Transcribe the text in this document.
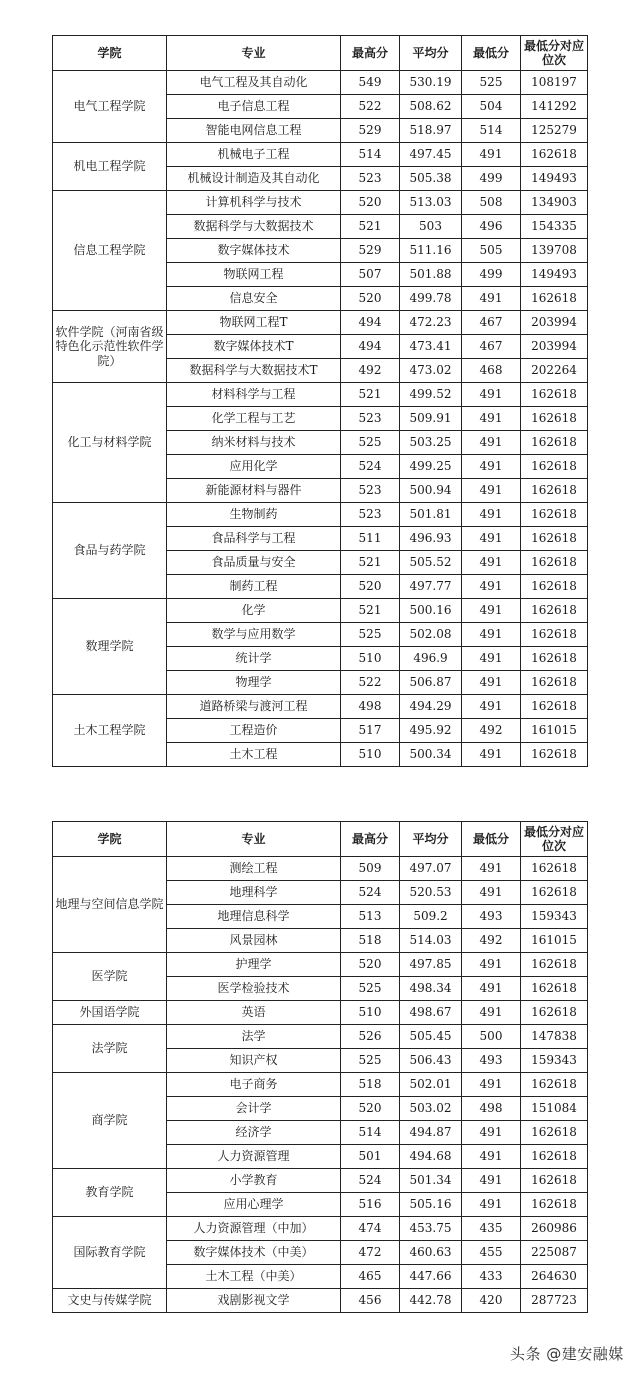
学院	专业	最高分	平均分	最低分	最低分对应位次
电气工程学院	电气工程及其自动化	549	530.19	525	108197
	电子信息工程	522	508.62	504	141292
	智能电网信息工程	529	518.97	514	125279
机电工程学院	机械电子工程	514	497.45	491	162618
	机械设计制造及其自动化	523	505.38	499	149493
信息工程学院	计算机科学与技术	520	513.03	508	134903
	数据科学与大数据技术	521	503	496	154335
	数字媒体技术	529	511.16	505	139708
	物联网工程	507	501.88	499	149493
	信息安全	520	499.78	491	162618
软件学院（河南省级特色化示范性软件学院）	物联网工程T	494	472.23	467	203994
	数字媒体技术T	494	473.41	467	203994
	数据科学与大数据技术T	492	473.02	468	202264
化工与材料学院	材料科学与工程	521	499.52	491	162618
	化学工程与工艺	523	509.91	491	162618
	纳米材料与技术	525	503.25	491	162618
	应用化学	524	499.25	491	162618
	新能源材料与器件	523	500.94	491	162618
食品与药学院	生物制药	523	501.81	491	162618
	食品科学与工程	511	496.93	491	162618
	食品质量与安全	521	505.52	491	162618
	制药工程	520	497.77	491	162618
数理学院	化学	521	500.16	491	162618
	数学与应用数学	525	502.08	491	162618
	统计学	510	496.9	491	162618
	物理学	522	506.87	491	162618
土木工程学院	道路桥梁与渡河工程	498	494.29	491	162618
	工程造价	517	495.92	492	161015
	土木工程	510	500.34	491	162618
学院	专业	最高分	平均分	最低分	最低分对应位次
地理与空间信息学院	测绘工程	509	497.07	491	162618
	地理科学	524	520.53	491	162618
	地理信息科学	513	509.2	493	159343
	风景园林	518	514.03	492	161015
医学院	护理学	520	497.85	491	162618
	医学检验技术	525	498.34	491	162618
外国语学院	英语	510	498.67	491	162618
法学院	法学	526	505.45	500	147838
	知识产权	525	506.43	493	159343
商学院	电子商务	518	502.01	491	162618
	会计学	520	503.02	498	151084
	经济学	514	494.87	491	162618
	人力资源管理	501	494.68	491	162618
教育学院	小学教育	524	501.34	491	162618
	应用心理学	516	505.16	491	162618
国际教育学院	人力资源管理（中加）	474	453.75	435	260986
	数字媒体技术（中美）	472	460.63	455	225087
	土木工程（中美）	465	447.66	433	264630
文史与传媒学院	戏剧影视文学	456	442.78	420	287723
头条 @建安融媒
